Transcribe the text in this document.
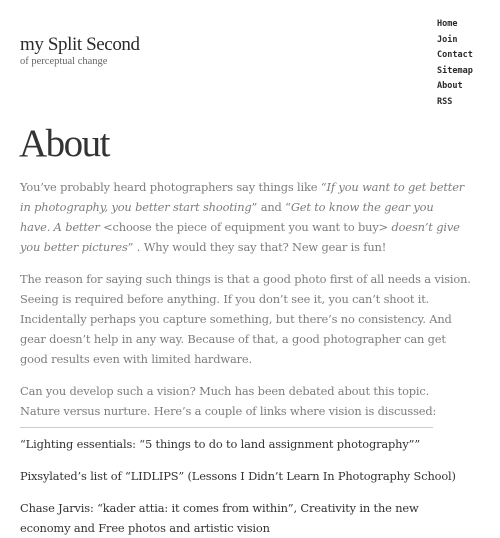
my Split Second

of perceptual change

Home
Join
Contact
Sitemap
About
RSS
About

You’ve probably heard photographers say things like “If you want to get better

in photography, you better start shooting” and “Get to know the gear you

have. A better <choose the piece of equipment you want to buy> doesn’t give

you better pictures” . Why would they say that? New gear is fun!

The reason for saying such things is that a good photo first of all needs a vision.

Seeing is required before anything. If you don’t see it, you can’t shoot it.

Incidentally perhaps you capture something, but there’s no consistency. And

gear doesn’t help in any way. Because of that, a good photographer can get

good results even with limited hardware.

Can you develop such a vision? Much has been debated about this topic.

Nature versus nurture. Here’s a couple of links where vision is discussed:

“Lighting essentials: “5 things to do to land assignment photography””

Pixsylated’s list of “LIDLIPS” (Lessons I Didn’t Learn In Photography School)

Chase Jarvis: “kader attia: it comes from within”, Creativity in the new

economy and Free photos and artistic vision
